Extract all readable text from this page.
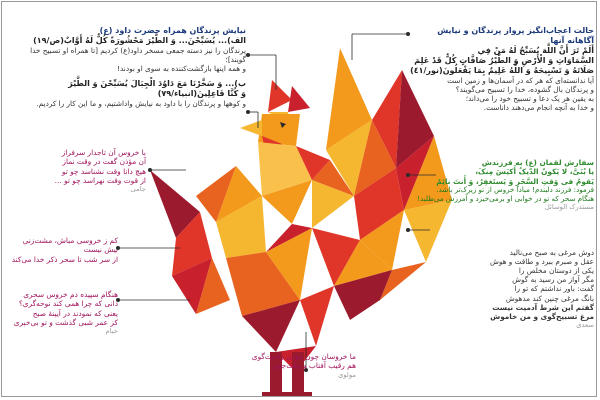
نیایش پرندگان همراه حضرت داود (ع)
الف)... يُسَبِّحْنَ... وَ الطَّيْرَ مَحْشُورَةً كُلٌّ لَهُ أَوَّابٌ(ص/١٩)
پرندگان را نیز دسته جمعی مسخر داود(ع) کردیم [تا همراه او تسبیح خدا گویند]؛
و همه اینها بازگشت‌کننده به سوی او بودند!
ب)... وَ سَخَّرْنَا مَعَ دَاوُدَ الْجِبَالَ يُسَبِّحْنَ وَ الطَّيْرَ
وَ كُنَّا فَاعِلِينَ(انبیاء/٧٩)
و کوهها و پرندگان را با داود به نیایش واداشتیم، و ما این کار را کردیم.
با خروس آن تاجدار سرفراز
آن مؤذن گفت در وقت نماز
هیچ دانا وقت نشناسد چو تو
از قوت وقت نهراسد چو تو ...
جامی
کم ز خروسی مباش، مشت‌زنی بیش نیست
از سر شب تا سحر ذکر خدا می‌کند
هنگام سپیده دم خروس سحری
دانی که چرا همی کند نوحه‌گری؟
یعنی که نمودند در آیینهٔ صبح
کز عمر شبی گذشت و تو بی‌خبری
خیام
ما خروسان چون مؤذن راست‌گوی
هم رقیب آفتاب و وقت‌جوی
مولوی
حالت اعجاب‌انگیز پرواز پرندگان و نیایش آگاهانه آنها
أَلَمْ تَرَ أَنَّ اللَّهَ يُسَبِّحُ لَهُ مَنْ فِي
السَّمَاوَاتِ وَ الْأَرْضِ وَ الطَّيْرُ صَافَّاتٍ كُلٌّ قَدْ عَلِمَ
صَلَاتَهُ وَ تَسْبِيحَهُ وَ اللَّهُ عَلِيمٌ بِمَا يَفْعَلُونَ(نور/٤١)
آیا ندانسته‌ای که هر که در آسمان‌ها و زمین است
و پرندگان بال گشوده، خدا را تسبیح می‌گویند؟
به یقین هر یک دعا و تسبیح خود را می‌داند؛
و خدا به آنچه انجام می‌دهند داناست.
سفارش لقمان (ع) به فرزندش
یا بُنَیَّ، لا یَکونُ الدّیکُ أَکیَسَ مِنکَ،
یَقومُ فی وَقتِ السَّحَرِ وَ یَستَغفِرُ، وَ أَنتَ نائِمٌ
فرمود: فرزند دلبندم! مبادا خروس از تو زیرک‌تر باشد.
هنگام سحر که تو در خوابی او برمی‌خیزد و آمرزش می‌طلبد!
مستدرک الوسائل
دوش مرغی به صبح می‌نالید
عقل و صبرم ببرد و طاقت و هوش
یکی از دوستان مخلص را
مگر آواز من رسید به گوش
گفت: باور نداشتم که تو را
بانگ مرغی چنین کند مدهوش
گفتم این شرط آدمیت نیست
مرغ تسبیح‌گوی و من خاموش
سعدی
